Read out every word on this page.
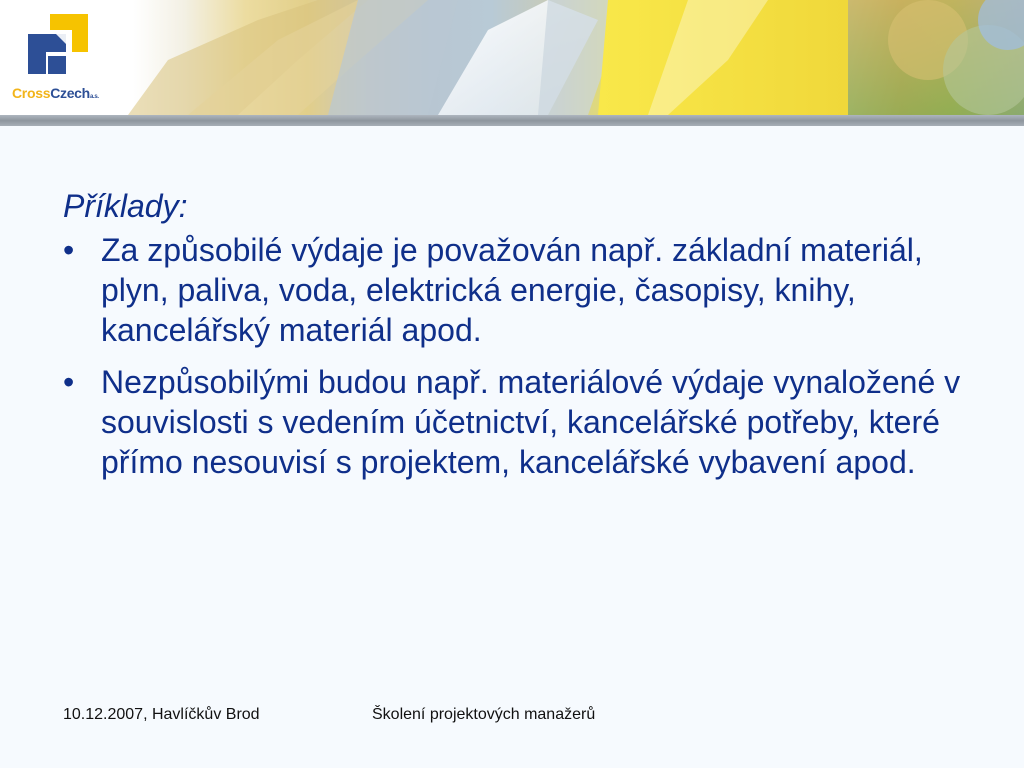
CrossCzecha.s.
Příklady:
• Za způsobilé výdaje je považován např. základní materiál, plyn, paliva, voda, elektrická energie, časopisy, knihy, kancelářský materiál apod.
• Nezpůsobilými budou např. materiálové výdaje vynaložené v souvislosti s vedením účetnictví, kancelářské potřeby, které přímo nesouvisí s projektem, kancelářské vybavení apod.
10.12.2007, Havlíčkův Brod	Školení projektových manažerů
